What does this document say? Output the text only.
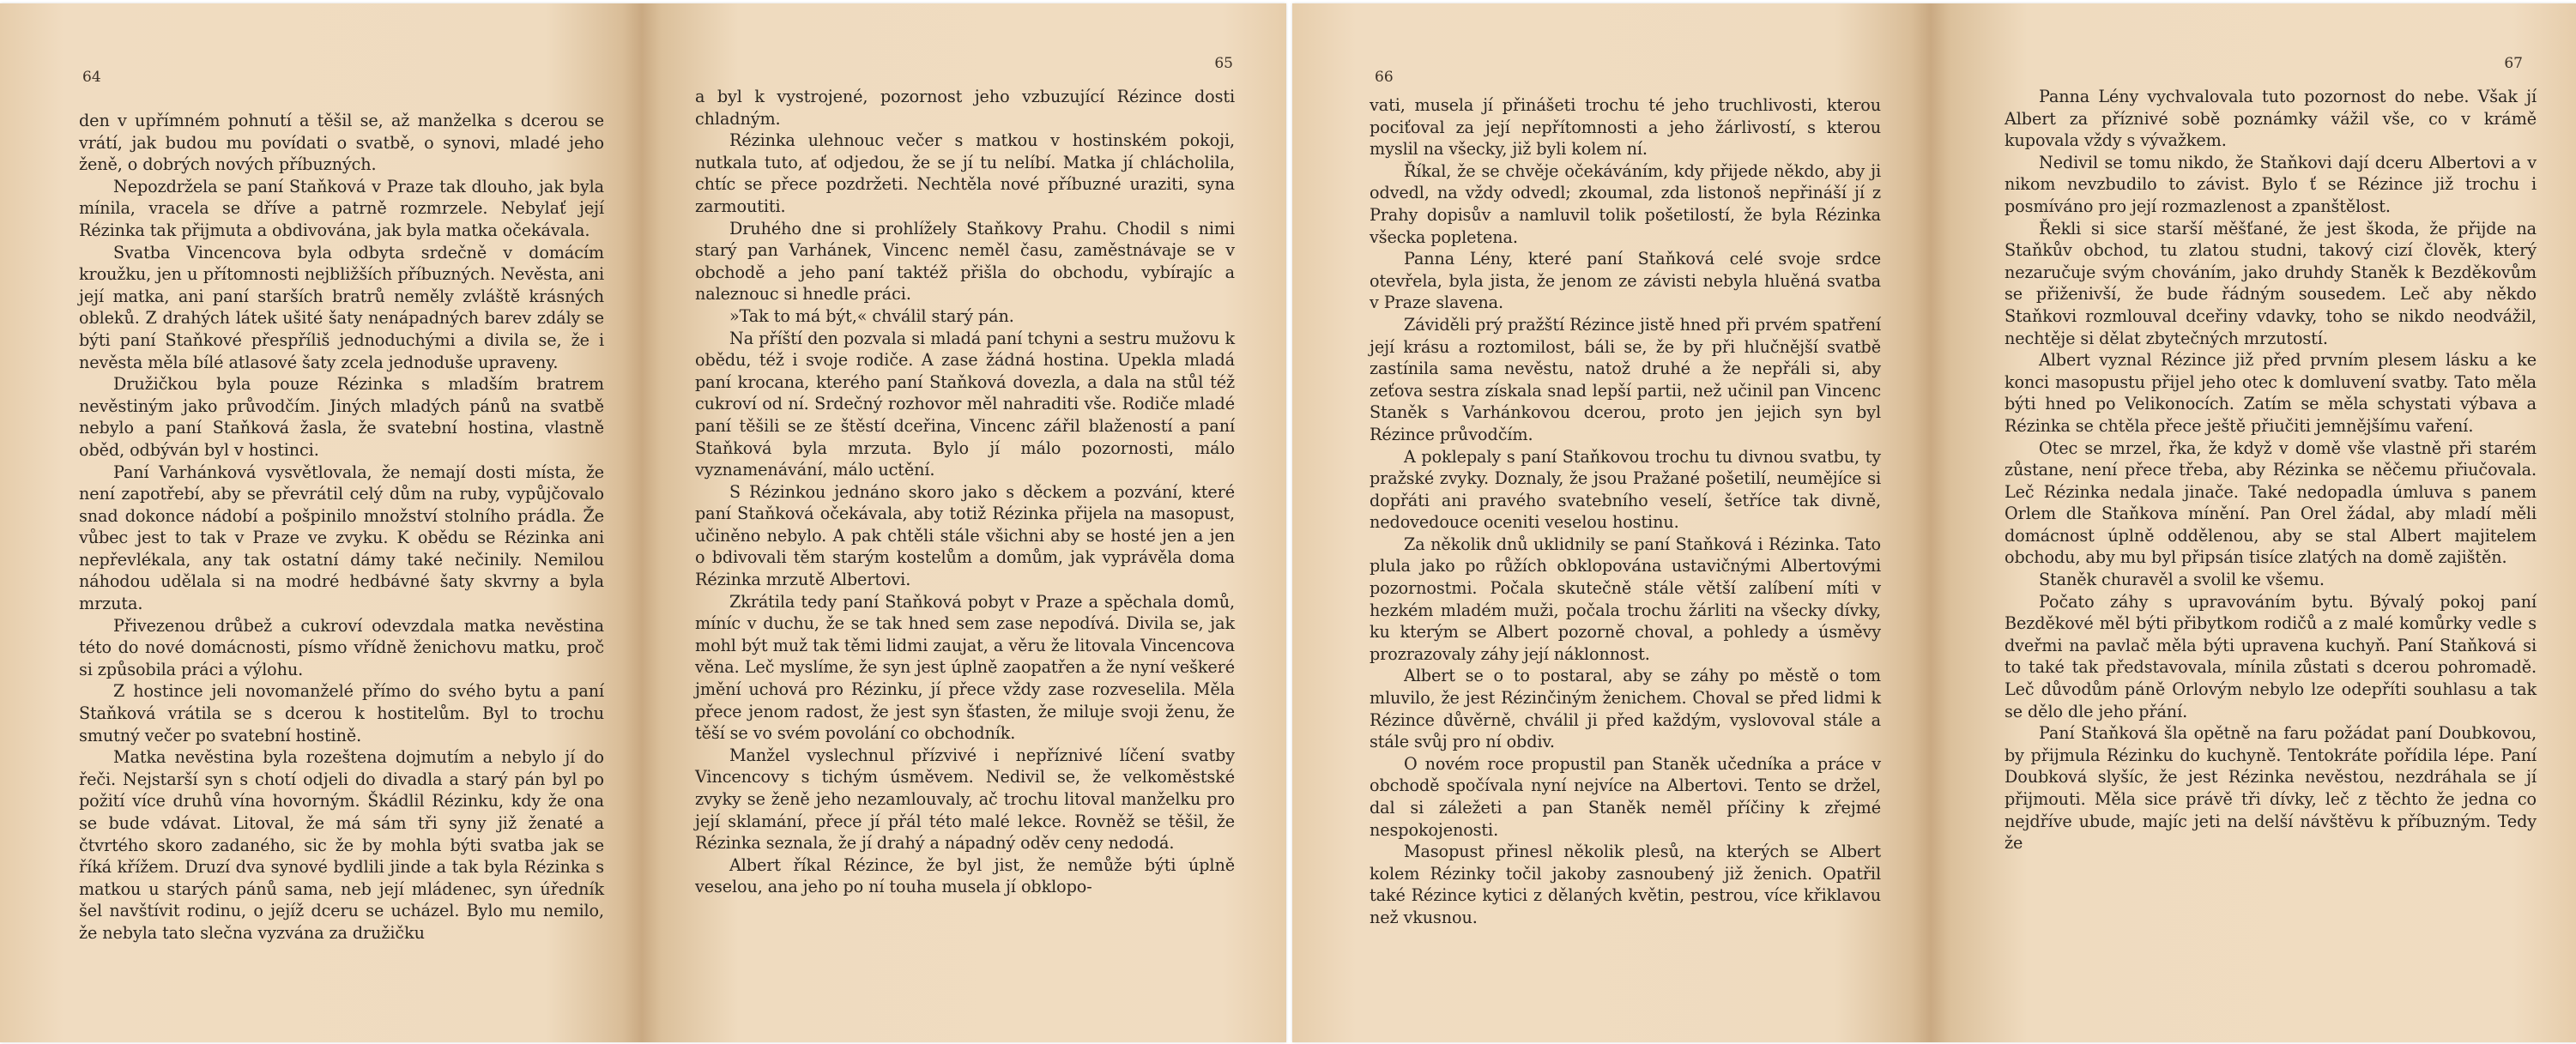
64

den v upřímném pohnutí a těšil se, až manželka s dcerou se vrátí, jak budou mu povídati o svatbě, o synovi, mladé jeho ženě, o dobrých nových příbuzných.

Nepozdržela se paní Staňková v Praze tak dlouho, jak byla mínila, vracela se dříve a patrně rozmrzele. Nebylať její Rézinka tak přijmuta a obdivována, jak byla matka očekávala.

Svatba Vincencova byla odbyta srdečně v domácím kroužku, jen u přítomnosti nejbližších příbuzných. Nevěsta, ani její matka, ani paní starších bratrů neměly zvláště krásných obleků. Z drahých látek ušité šaty nenápadných barev zdály se býti paní Staňkové přespříliš jednoduchými a divila se, že i nevěsta měla bílé atlasové šaty zcela jednoduše upraveny.

Družičkou byla pouze Rézinka s mladším bratrem nevěstiným jako průvodčím. Jiných mladých pánů na svatbě nebylo a paní Staňková žasla, že svatební hostina, vlastně oběd, odbýván byl v hostinci.

Paní Varhánková vysvětlovala, že nemají dosti místa, že není zapotřebí, aby se převrátil celý dům na ruby, vypůjčovalo snad dokonce nádobí a pošpinilo množství stolního prádla. Že vůbec jest to tak v Praze ve zvyku. K obědu se Rézinka ani nepřevlékala, any tak ostatní dámy také nečinily. Nemilou náhodou udělala si na modré hedbávné šaty skvrny a byla mrzuta.

Přivezenou drůbež a cukroví odevzdala matka nevěstina této do nové domácnosti, písmo vřídně ženichovu matku, proč si způsobila práci a výlohu.

Z hostince jeli novomanželé přímo do svého bytu a paní Staňková vrátila se s dcerou k hostitelům. Byl to trochu smutný večer po svatební hostině.

Matka nevěstina byla rozeštena dojmutím a nebylo jí do řeči. Nejstarší syn s chotí odjeli do divadla a starý pán byl po požití více druhů vína hovorným. Škádlil Rézinku, kdy že ona se bude vdávat. Litoval, že má sám tři syny již ženaté a čtvrtého skoro zadaného, sic že by mohla býti svatba jak se říká křížem. Druzí dva synové bydlili jinde a tak byla Rézinka s matkou u starých pánů sama, neb její mládenec, syn úředník šel navštívit rodinu, o jejíž dceru se ucházel. Bylo mu nemilo, že nebyla tato slečna vyzvána za družičku

65

a byl k vystrojené, pozornost jeho vzbuzující Rézince dosti chladným.

Rézinka ulehnouc večer s matkou v hostinském pokoji, nutkala tuto, ať odjedou, že se jí tu nelíbí. Matka jí chlácholila, chtíc se přece pozdržeti. Nechtěla nové příbuzné uraziti, syna zarmoutiti.

Druhého dne si prohlížely Staňkovy Prahu. Chodil s nimi starý pan Varhánek, Vincenc neměl času, zaměstnávaje se v obchodě a jeho paní taktéž přišla do obchodu, vybírajíc a naleznouc si hnedle práci.

»Tak to má být,« chválil starý pán.

Na příští den pozvala si mladá paní tchyni a sestru mužovu k obědu, též i svoje rodiče. A zase žádná hostina. Upekla mladá paní krocana, kterého paní Staňková dovezla, a dala na stůl též cukroví od ní. Srdečný rozhovor měl nahraditi vše. Rodiče mladé paní těšili se ze štěstí dceřina, Vincenc zářil blažeností a paní Staňková byla mrzuta. Bylo jí málo pozornosti, málo vyznamenávání, málo uctění.

S Rézinkou jednáno skoro jako s děckem a pozvání, které paní Staňková očekávala, aby totiž Rézinka přijela na masopust, učiněno nebylo. A pak chtěli stále všichni aby se hosté jen a jen o bdivovali těm starým kostelům a domům, jak vyprávěla doma Rézinka mrzutě Albertovi.

Zkrátila tedy paní Staňková pobyt v Praze a spěchala domů, míníc v duchu, že se tak hned sem zase nepodívá. Divila se, jak mohl být muž tak těmi lidmi zaujat, a věru že litovala Vincencova věna. Leč myslíme, že syn jest úplně zaopatřen a že nyní veškeré jmění uchová pro Rézinku, jí přece vždy zase rozveselila. Měla přece jenom radost, že jest syn šťasten, že miluje svoji ženu, že těší se vo svém povolání co obchodník.

Manžel vyslechnul přízvivé i nepříznivé líčení svatby Vincencovy s tichým úsměvem. Nedivil se, že velkoměstské zvyky se ženě jeho nezamlouvaly, ač trochu litoval manželku pro její sklamání, přece jí přál této malé lekce. Rovněž se těšil, že Rézinka seznala, že jí drahý a nápadný oděv ceny nedodá.

Albert říkal Rézince, že byl jist, že nemůže býti úplně veselou, ana jeho po ní touha musela jí obklopo-

66

vati, musela jí přinášeti trochu té jeho truchlivosti, kterou pociťoval za její nepřítomnosti a jeho žárlivostí, s kterou myslil na všecky, již byli kolem ní.

Říkal, že se chvěje očekáváním, kdy přijede někdo, aby ji odvedl, na vždy odvedl; zkoumal, zda listonoš nepřináší jí z Prahy dopisův a namluvil tolik pošetilostí, že byla Rézinka všecka popletena.

Panna Lény, které paní Staňková celé svoje srdce otevřela, byla jista, že jenom ze závisti nebyla hluěná svatba v Praze slavena.

Záviděli prý pražští Rézince jistě hned při prvém spatření její krásu a roztomilost, báli se, že by při hlučnější svatbě zastínila sama nevěstu, natož druhé a že nepřáli si, aby zeťova sestra získala snad lepší partii, než učinil pan Vincenc Staněk s Varhánkovou dcerou, proto jen jejich syn byl Rézince průvodčím.

A poklepaly s paní Staňkovou trochu tu divnou svatbu, ty pražské zvyky. Doznaly, že jsou Pražané pošetilí, neumějíce si dopřáti ani pravého svatebního veselí, šetříce tak divně, nedovedouce oceniti veselou hostinu.

Za několik dnů uklidnily se paní Staňková i Rézinka. Tato plula jako po růžích obklopována ustavičnými Albertovými pozornostmi. Počala skutečně stále větší zalíbení míti v hezkém mladém muži, počala trochu žárliti na všecky dívky, ku kterým se Albert pozorně choval, a pohledy a úsměvy prozrazovaly záhy její náklonnost.

Albert se o to postaral, aby se záhy po městě o tom mluvilo, že jest Rézinčiným ženichem. Choval se před lidmi k Rézince důvěrně, chválil ji před každým, vyslovoval stále a stále svůj pro ní obdiv.

O novém roce propustil pan Staněk učedníka a práce v obchodě spočívala nyní nejvíce na Albertovi. Tento se držel, dal si záležeti a pan Staněk neměl příčiny k zřejmé nespokojenosti.

Masopust přinesl několik plesů, na kterých se Albert kolem Rézinky točil jakoby zasnoubený již ženich. Opatřil také Rézince kytici z dělaných květin, pestrou, více křiklavou než vkusnou.

67

Panna Lény vychvalovala tuto pozornost do nebe. Však jí Albert za příznivé sobě poznámky vážil vše, co v krámě kupovala vždy s vývažkem.

Nedivil se tomu nikdo, že Staňkovi dají dceru Albertovi a v nikom nevzbudilo to závist. Bylo ť se Rézince již trochu i posmíváno pro její rozmazlenost a zpanštělost.

Řekli si sice starší měšťané, že jest škoda, že přijde na Staňkův obchod, tu zlatou studni, takový cizí člověk, který nezaručuje svým chováním, jako druhdy Staněk k Bezděkovům se přiženivší, že bude řádným sousedem. Leč aby někdo Staňkovi rozmlouval dceřiny vdavky, toho se nikdo neodvážil, nechtěje si dělat zbytečných mrzutostí.

Albert vyznal Rézince již před prvním plesem lásku a ke konci masopustu přijel jeho otec k domluvení svatby. Tato měla býti hned po Velikonocích. Zatím se měla schystati výbava a Rézinka se chtěla přece ještě přiučiti jemnějšímu vaření.

Otec se mrzel, řka, že když v domě vše vlastně při starém zůstane, není přece třeba, aby Rézinka se něčemu přiučovala. Leč Rézinka nedala jinače. Také nedopadla úmluva s panem Orlem dle Staňkova mínění. Pan Orel žádal, aby mladí měli domácnost úplně oddělenou, aby se stal Albert majitelem obchodu, aby mu byl připsán tisíce zlatých na domě zajištěn.

Staněk churavěl a svolil ke všemu.

Počato záhy s upravováním bytu. Bývalý pokoj paní Bezděkové měl býti přibytkom rodičů a z malé komůrky vedle s dveřmi na pavlač měla býti upravena kuchyň. Paní Staňková si to také tak představovala, mínila zůstati s dcerou pohromadě. Leč důvodům páně Orlovým nebylo lze odepříti souhlasu a tak se dělo dle jeho přání.

Paní Staňková šla opětně na faru požádat paní Doubkovou, by přijmula Rézinku do kuchyně. Tentokráte pořídila lépe. Paní Doubková slyšíc, že jest Rézinka nevěstou, nezdráhala se jí přijmouti. Měla sice právě tři dívky, leč z těchto že jedna co nejdříve ubude, majíc jeti na delší návštěvu k příbuzným. Tedy že
